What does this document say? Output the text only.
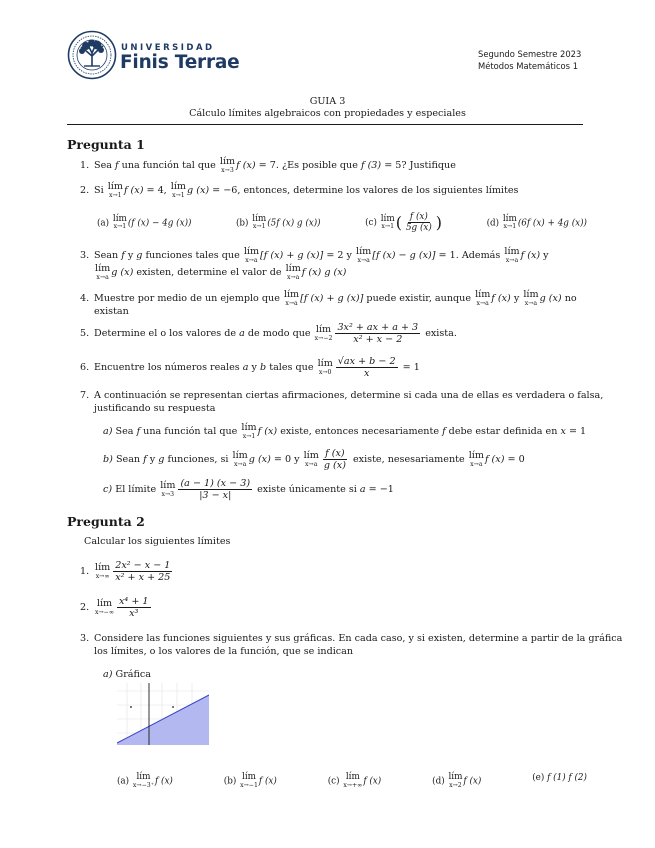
UNIVERSIDAD
Finis Terrae	Segundo Semestre 2023
Métodos Matemáticos 1
GUIA 3
Cálculo límites algebraicos con propiedades y especiales
Pregunta 1
1. Sea f una función tal que lím
x→3 f (x) = 7. ¿Es posible que f (3) = 5? Justifique
2. Si lím
x→1 f (x) = 4, lím
x→1 g (x) = −6, entonces, determine los valores de los siguientes límites
(a) lím
x→1 (f (x) − 4g (x))	(b) lím
x→1 (5f (x) g (x))	(c) lím
x→1 ( $\frac{f (x)}{5g (x)}$ )	(d) lím
x→1 (6f (x) + 4g (x))
3. Sean f y g funciones tales que lím
x→a [f (x) + g (x)] = 2 y lím
x→a [f (x) − g (x)] = 1. Además lím
x→a f (x) y
lím
x→a g (x) existen, determine el valor de lím
x→a f (x) g (x)
4. Muestre por medio de un ejemplo que lím
x→a [f (x) + g (x)] puede existir, aunque lím
x→a f (x) y lím
x→a g (x) no
existan
5. Determine el o los valores de a de modo que lím
$x\to-2 \frac{\text{3x² + ax + a + 3}}{\text{x² + x − 2}}$ exista.
6. Encuentre los números reales a y b tales que lím
$x\to 0 \frac{√ax + b - 2}{x} = 1$
7. A continuación se representan ciertas afirmaciones, determine si cada una de ellas es verdadera o falsa,
justificando su respuesta
a) Sea f una función tal que lím
x→1 f (x) existe, entonces necesariamente f debe estar definida en x = 1
b) Sean f y g funciones, si lím
x→a g (x) = 0 y lím
$x\to a \frac{f (x)}{g (x)}$ existe, nesesariamente lím
x→a f (x) = 0
c) El límite lím
$x\to 3 \frac{(a - 1) (x - 3)}{|3 - x|}$ existe únicamente si a = −1
Pregunta 2
Calcular los siguientes límites
1. lím
$x\to\infty \frac{\text{2x² − x − 1}}{\text{x² + x + 25}}$
2. lím
$x\to-\infty \frac{\text{x⁴ + 1}}{\text{x³}}$
3. Considere las funciones siguientes y sus gráficas. En cada caso, y si existen, determine a partir de la gráfica
los límites, o los valores de la función, que se indican
a) Gráfica
(a) lím
x→−3⁺ f (x)	(b) lím
x→−1 f (x)	(c) lím
x→+∞ f (x)	(d) lím
x→2 f (x)	(e) f (1) f (2)
